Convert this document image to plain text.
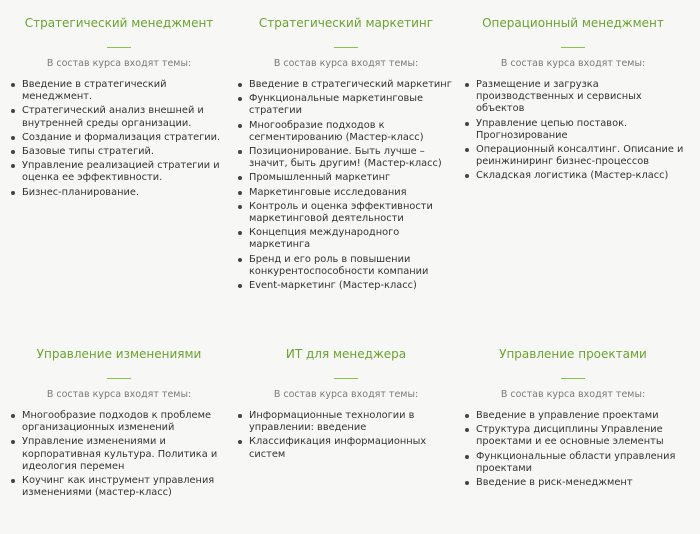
Стратегический менеджмент
В состав курса входят темы:
Введение в стратегический менеджмент.
Стратегический анализ внешней и внутренней среды организации.
Создание и формализация стратегии.
Базовые типы стратегий.
Управление реализацией стратегии и оценка ее эффективности.
Бизнес-планирование.
Стратегический маркетинг
В состав курса входят темы:
Введение в стратегический маркетинг
Функциональные маркетинговые стратегии
Многообразие подходов к сегментированию (Мастер-класс)
Позиционирование. Быть лучше – значит, быть другим! (Мастер-класс)
Промышленный маркетинг
Маркетинговые исследования
Контроль и оценка эффективности маркетинговой деятельности
Концепция международного маркетинга
Бренд и его роль в повышении конкурентоспособности компании
Event-маркетинг (Мастер-класс)
Операционный менеджмент
В состав курса входят темы:
Размещение и загрузка производственных и сервисных объектов
Управление цепью поставок. Прогнозирование
Операционный консалтинг. Описание и реинжиниринг бизнес-процессов
Складская логистика (Мастер-класс)
Управление изменениями
В состав курса входят темы:
Многообразие подходов к проблеме организационных изменений
Управление изменениями и корпоративная культура. Политика и идеология перемен
Коучинг как инструмент управления изменениями (мастер-класс)
ИТ для менеджера
В состав курса входят темы:
Информационные технологии в управлении: введение
Классификация информационных систем
Управление проектами
В состав курса входят темы:
Введение в управление проектами
Структура дисциплины Управление проектами и ее основные элементы
Функциональные области управления проектами
Введение в риск-менеджмент
